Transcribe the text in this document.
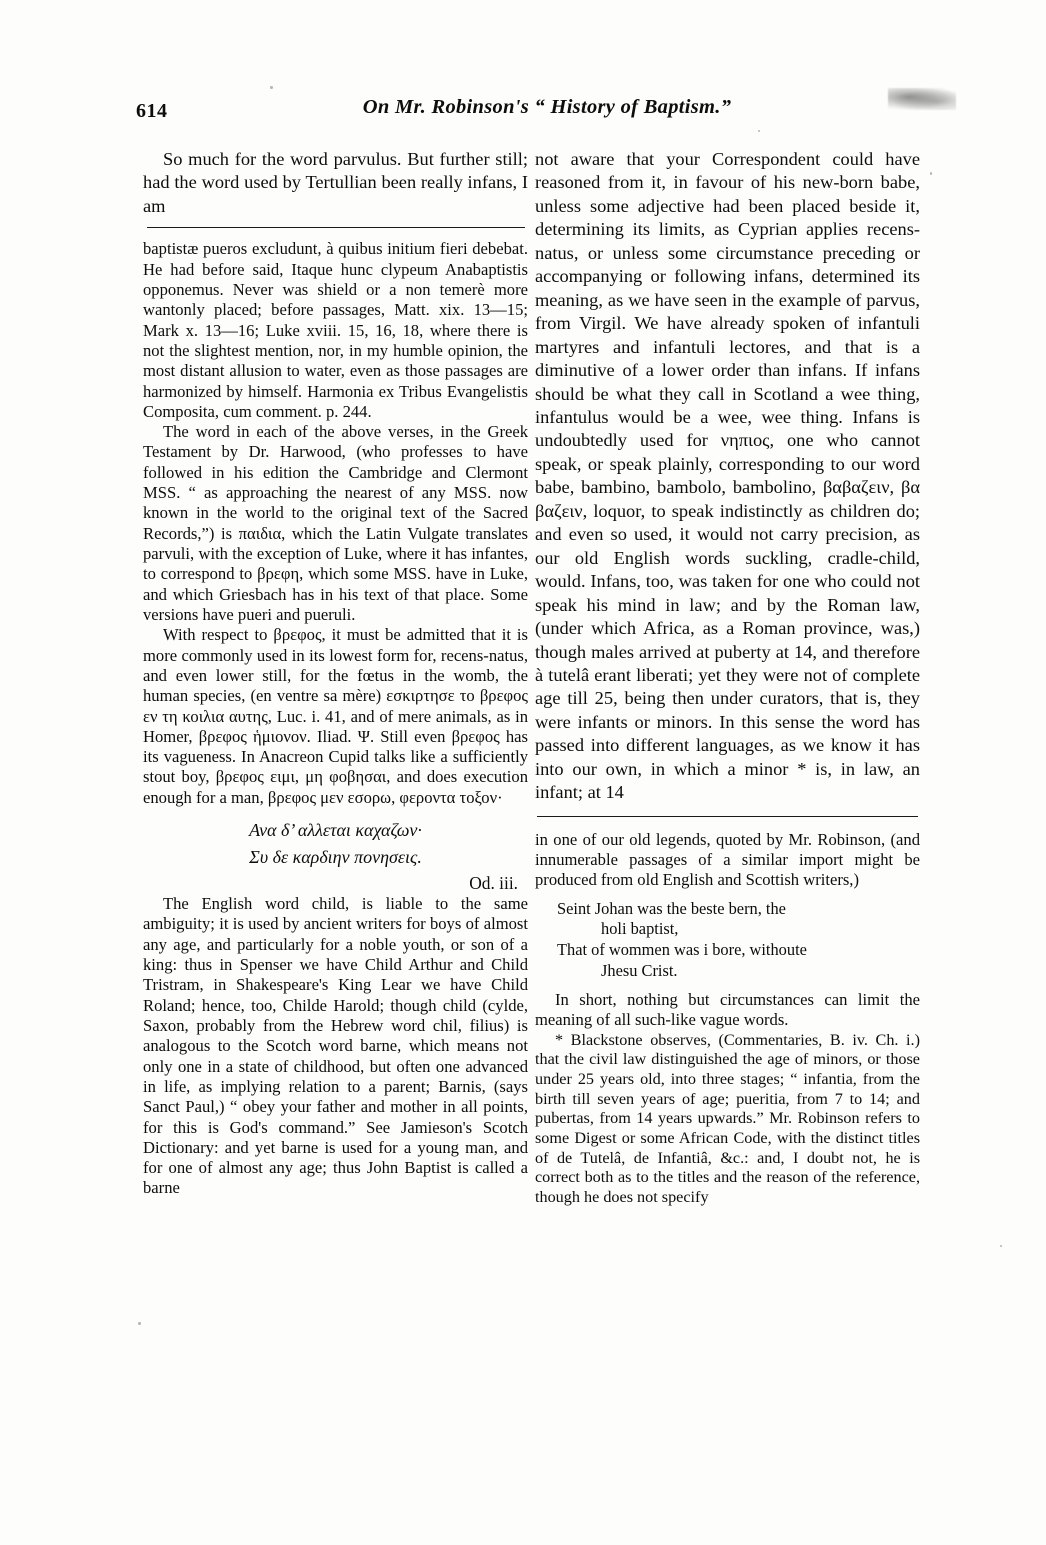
614	On Mr. Robinson's “ History of Baptism.”

So much for the word parvulus. But further still; had the word used by Tertullian been really infans, I am

baptistæ pueros excludunt, à quibus initium fieri debebat. He had before said, Itaque hunc clypeum Anabaptistis opponemus. Never was shield or a non temerè more wantonly placed; before passages, Matt. xix. 13—15; Mark x. 13—16; Luke xviii. 15, 16, 18, where there is not the slightest mention, nor, in my humble opinion, the most distant allusion to water, even as those passages are harmonized by himself. Harmonia ex Tribus Evangelistis Composita, cum comment. p. 244.

The word in each of the above verses, in the Greek Testament by Dr. Harwood, (who professes to have followed in his edition the Cambridge and Clermont MSS. “ as approaching the nearest of any MSS. now known in the world to the original text of the Sacred Records,”) is παιδια, which the Latin Vulgate translates parvuli, with the exception of Luke, where it has infantes, to correspond to βρεφη, which some MSS. have in Luke, and which Griesbach has in his text of that place. Some versions have pueri and pueruli.

With respect to βρεφος, it must be admitted that it is more commonly used in its lowest form for, recens-natus, and even lower still, for the fœtus in the womb, the human species, (en ventre sa mère) εσκιρτησε το βρεφος εν τη κοιλια αυτης, Luc. i. 41, and of mere animals, as in Homer, βρεφος ἡμιονον. Iliad. Ψ. Still even βρεφος has its vagueness. In Anacreon Cupid talks like a sufficiently stout boy, βρεφος ειμι, μη φοβησαι, and does execution enough for a man, βρεφος μεν εσορω, φεροντα τοξον·

Ανα δ’ αλλεται καχαζων·
Συ δε καρδιην πονησεις.
Od. iii.

The English word child, is liable to the same ambiguity; it is used by ancient writers for boys of almost any age, and particularly for a noble youth, or son of a king: thus in Spenser we have Child Arthur and Child Tristram, in Shakespeare's King Lear we have Child Roland; hence, too, Childe Harold; though child (cylde, Saxon, probably from the Hebrew word chil, filius) is analogous to the Scotch word barne, which means not only one in a state of childhood, but often one advanced in life, as implying relation to a parent; Barnis, (says Sanct Paul,) “ obey your father and mother in all points, for this is God's command.” See Jamieson's Scotch Dictionary: and yet barne is used for a young man, and for one of almost any age; thus John Baptist is called a barne

not aware that your Correspondent could have reasoned from it, in favour of his new-born babe, unless some adjective had been placed beside it, determining its limits, as Cyprian applies recens-natus, or unless some circumstance preceding or accompanying or following infans, determined its meaning, as we have seen in the example of parvus, from Virgil. We have already spoken of infantuli martyres and infantuli lectores, and that is a diminutive of a lower order than infans. If infans should be what they call in Scotland a wee thing, infantulus would be a wee, wee thing. Infans is undoubtedly used for νηπιος, one who cannot speak, or speak plainly, corresponding to our word babe, bambino, bambolo, bambolino, βαβαζειν, βα βαζειν, loquor, to speak indistinctly as children do; and even so used, it would not carry precision, as our old English words suckling, cradle-child, would. Infans, too, was taken for one who could not speak his mind in law; and by the Roman law, (under which Africa, as a Roman province, was,) though males arrived at puberty at 14, and therefore à tutelâ erant liberati; yet they were not of complete age till 25, being then under curators, that is, they were infants or minors. In this sense the word has passed into different languages, as we know it has into our own, in which a minor * is, in law, an infant; at 14

in one of our old legends, quoted by Mr. Robinson, (and innumerable passages of a similar import might be produced from old English and Scottish writers,)

Seint Johan was the beste bern, the
holi baptist,
That of wommen was i bore, withoute
Jhesu Crist.

In short, nothing but circumstances can limit the meaning of all such-like vague words.

* Blackstone observes, (Commentaries, B. iv. Ch. i.) that the civil law distinguished the age of minors, or those under 25 years old, into three stages; “ infantia, from the birth till seven years of age; pueritia, from 7 to 14; and pubertas, from 14 years upwards.” Mr. Robinson refers to some Digest or some African Code, with the distinct titles of de Tutelâ, de Infantiâ, &c.: and, I doubt not, he is correct both as to the titles and the reason of the reference, though he does not specify
